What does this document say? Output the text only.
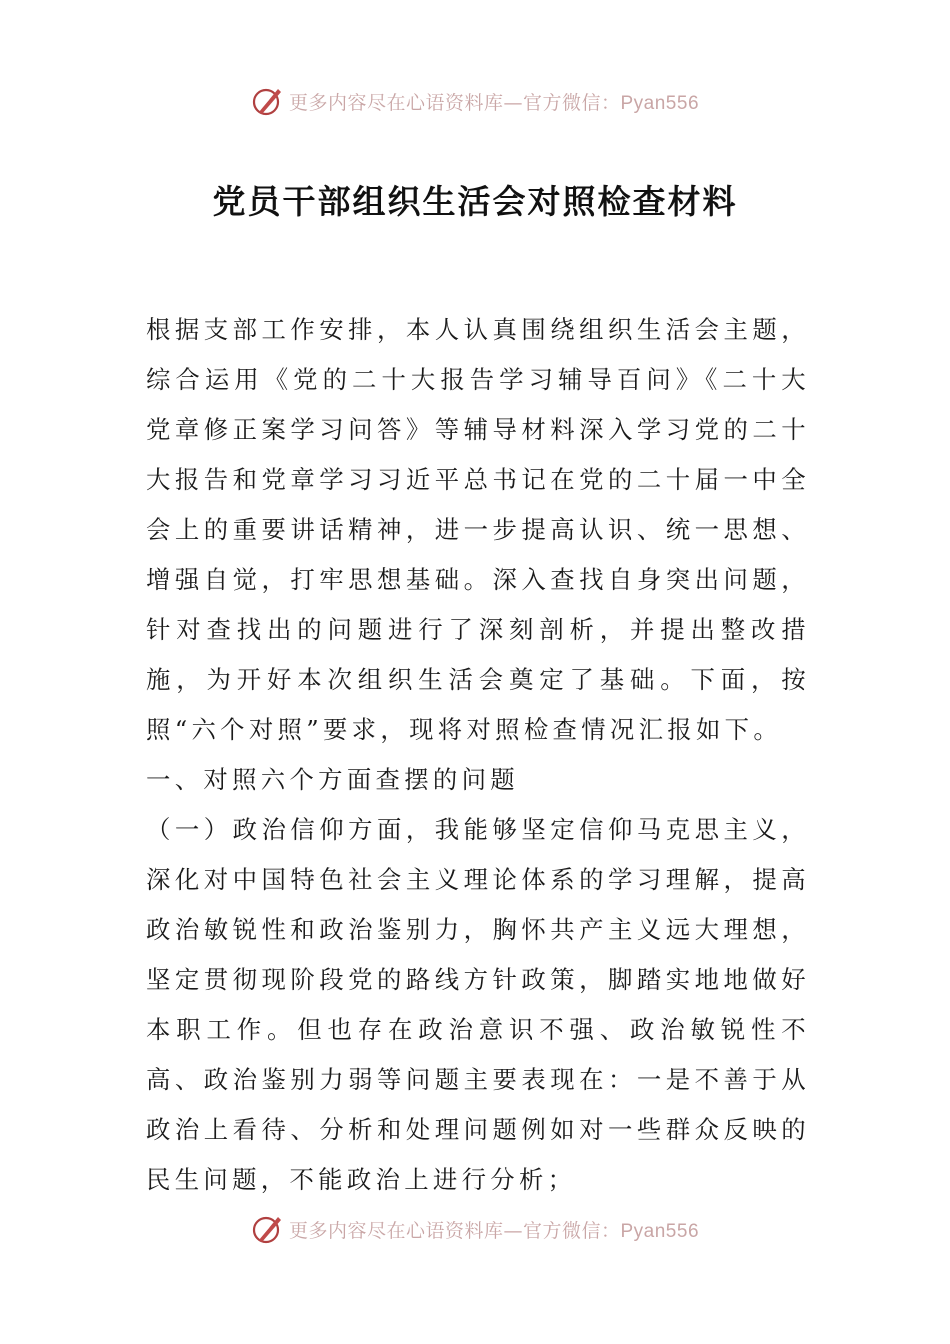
更多内容尽在心语资料库—官方微信：Pyan556
党员干部组织生活会对照检查材料

根据支部工作安排，本人认真围绕组织生活会主题，综合运用《党的二十大报告学习辅导百问》《二十大党章修正案学习问答》等辅导材料深入学习党的二十大报告和党章学习习近平总书记在党的二十届一中全会上的重要讲话精神，进一步提高认识、统一思想、增强自觉，打牢思想基础。深入查找自身突出问题，针对查找出的问题进行了深刻剖析，并提出整改措施，为开好本次组织生活会奠定了基础。下面，按照“六个对照”要求，现将对照检查情况汇报如下。

一、对照六个方面查摆的问题

（一）政治信仰方面，我能够坚定信仰马克思主义，深化对中国特色社会主义理论体系的学习理解，提高政治敏锐性和政治鉴别力，胸怀共产主义远大理想，坚定贯彻现阶段党的路线方针政策，脚踏实地地做好本职工作。但也存在政治意识不强、政治敏锐性不高、政治鉴别力弱等问题主要表现在：一是不善于从政治上看待、分析和处理问题例如对一些群众反映的民生问题，不能政治上进行分析；

更多内容尽在心语资料库—官方微信：Pyan556
